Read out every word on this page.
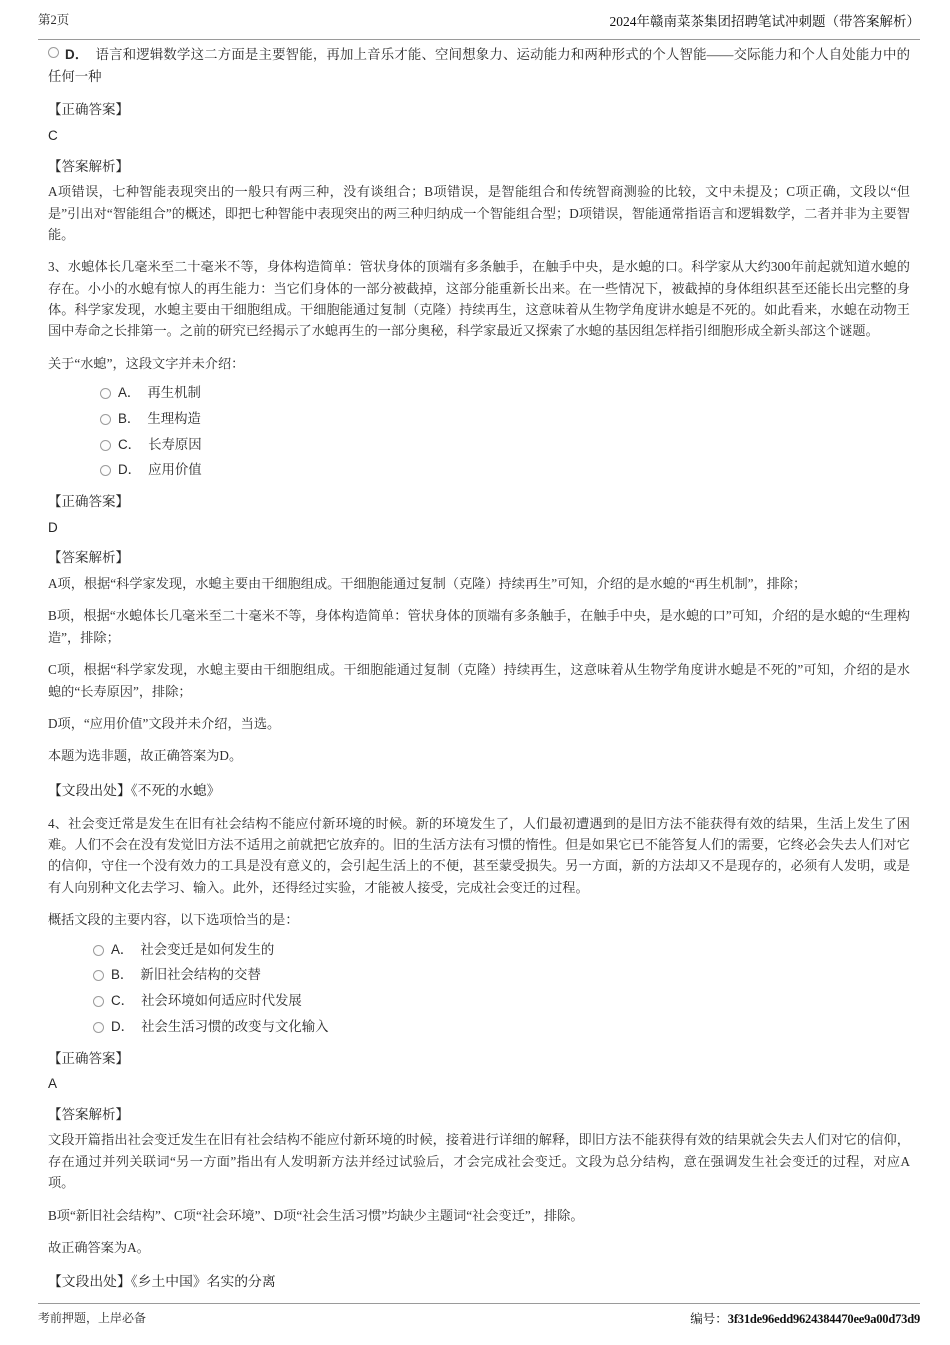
第2页	2024年赣南菜茶集团招聘笔试冲刺题（带答案解析）
D． 语言和逻辑数学这二方面是主要智能，再加上音乐才能、空间想象力、运动能力和两种形式的个人智能——交际能力和个人自处能力中的任何一种
【正确答案】
C
【答案解析】
A项错误，七种智能表现突出的一般只有两三种，没有谈组合；B项错误，是智能组合和传统智商测验的比较，文中未提及；C项正确，文段以“但是”引出对“智能组合”的概述，即把七种智能中表现突出的两三种归纳成一个智能组合型；D项错误，智能通常指语言和逻辑数学，二者并非为主要智能。
3、水螅体长几毫米至二十毫米不等，身体构造简单：管状身体的顶端有多条触手，在触手中央，是水螅的口。科学家从大约300年前起就知道水螅的存在。小小的水螅有惊人的再生能力：当它们身体的一部分被截掉，这部分能重新长出来。在一些情况下，被截掉的身体组织甚至还能长出完整的身体。科学家发现，水螅主要由干细胞组成。干细胞能通过复制（克隆）持续再生，这意味着从生物学角度讲水螅是不死的。如此看来，水螅在动物王国中寿命之长排第一。之前的研究已经揭示了水螅再生的一部分奥秘，科学家最近又探索了水螅的基因组怎样指引细胞形成全新头部这个谜题。
关于“水螅”，这段文字并未介绍：
A． 再生机制
B． 生理构造
C． 长寿原因
D． 应用价值
【正确答案】
D
【答案解析】
A项，根据“科学家发现，水螅主要由干细胞组成。干细胞能通过复制（克隆）持续再生”可知，介绍的是水螅的“再生机制”，排除；
B项，根据“水螅体长几毫米至二十毫米不等，身体构造简单：管状身体的顶端有多条触手，在触手中央，是水螅的口”可知，介绍的是水螅的“生理构造”，排除；
C项，根据“科学家发现，水螅主要由干细胞组成。干细胞能通过复制（克隆）持续再生，这意味着从生物学角度讲水螅是不死的”可知，介绍的是水螅的“长寿原因”，排除；
D项，“应用价值”文段并未介绍，当选。
本题为选非题，故正确答案为D。
【文段出处】《不死的水螅》
4、社会变迁常是发生在旧有社会结构不能应付新环境的时候。新的环境发生了，人们最初遭遇到的是旧方法不能获得有效的结果，生活上发生了困难。人们不会在没有发觉旧方法不适用之前就把它放弃的。旧的生活方法有习惯的惰性。但是如果它已不能答复人们的需要，它终必会失去人们对它的信仰，守住一个没有效力的工具是没有意义的，会引起生活上的不便，甚至蒙受损失。另一方面，新的方法却又不是现存的，必须有人发明，或是有人向别种文化去学习、输入。此外，还得经过实验，才能被人接受，完成社会变迁的过程。
概括文段的主要内容，以下选项恰当的是：
A． 社会变迁是如何发生的
B． 新旧社会结构的交替
C． 社会环境如何适应时代发展
D． 社会生活习惯的改变与文化输入
【正确答案】
A
【答案解析】
文段开篇指出社会变迁发生在旧有社会结构不能应付新环境的时候，接着进行详细的解释，即旧方法不能获得有效的结果就会失去人们对它的信仰，存在通过并列关联词“另一方面”指出有人发明新方法并经过试验后，才会完成社会变迁。文段为总分结构，意在强调发生社会变迁的过程，对应A项。
B项“新旧社会结构”、C项“社会环境”、D项“社会生活习惯”均缺少主题词“社会变迁”，排除。
故正确答案为A。
【文段出处】《乡土中国》名实的分离
考前押题，上岸必备	编号：3f31de96edd9624384470ee9a00d73d9
